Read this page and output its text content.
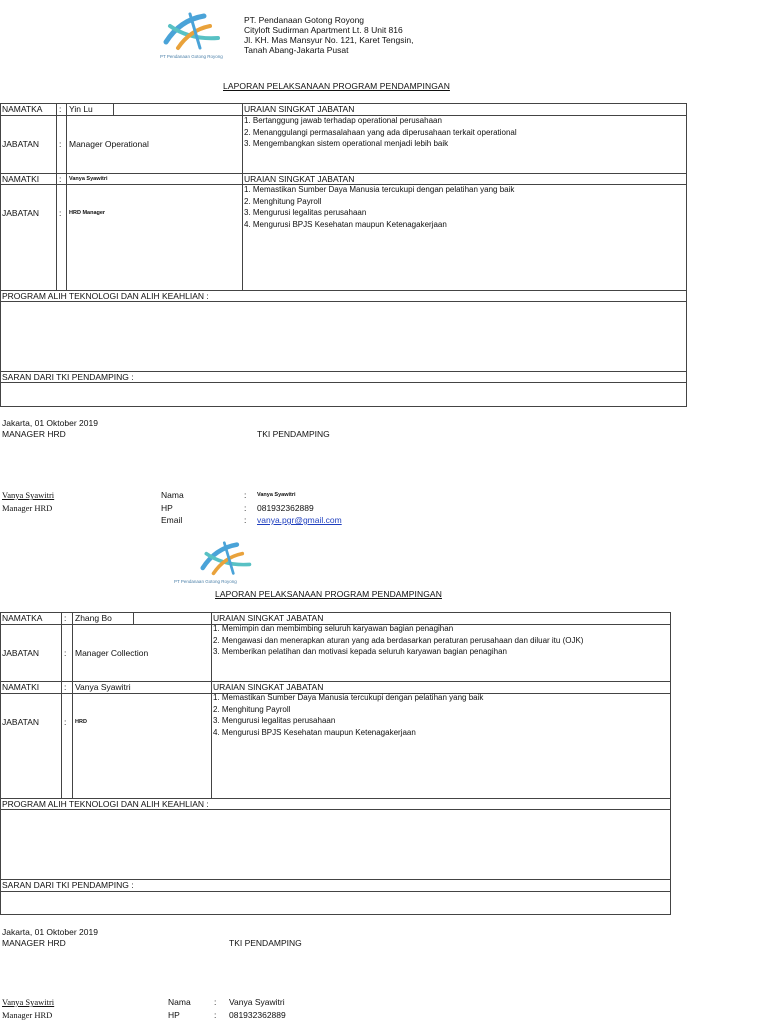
PT Pendanaan Gotong Royong
PT. Pendanaan Gotong Royong
Cityloft Sudirman Apartment Lt. 8 Unit 816
Jl. KH. Mas Mansyur No. 121, Karet Tengsin,
Tanah Abang-Jakarta Pusat
LAPORAN PELAKSANAAN PROGRAM PENDAMPINGAN
NAMATKA : Yin Lu	URAIAN SINGKAT JABATAN
JABATAN : Manager Operational
1. Bertanggung jawab terhadap operational perusahaan
2. Menanggulangi permasalahaan yang ada diperusahaan terkait operational
3. Mengembangkan sistem operational menjadi lebih baik
NAMATKI : Vanya Syawitri	URAIAN SINGKAT JABATAN
JABATAN : HRD Manager
1. Memastikan Sumber Daya Manusia tercukupi dengan pelatihan yang baik
2. Menghitung Payroll
3. Mengurusi legalitas perusahaan
4. Mengurusi BPJS Kesehatan maupun Ketenagakerjaan
PROGRAM ALIH TEKNOLOGI DAN ALIH KEAHLIAN :
SARAN DARI TKI PENDAMPING :
Jakarta, 01 Oktober 2019
MANAGER HRD	TKI PENDAMPING
Vanya Syawitri
Manager HRD
Nama	: Vanya Syawitri
HP	: 081932362889
Email	: vanya.pgr@gmail.com
PT Pendanaan Gotong Royong
LAPORAN PELAKSANAAN PROGRAM PENDAMPINGAN
NAMATKA	: Zhang Bo	URAIAN SINGKAT JABATAN
JABATAN	: Manager Collection
1. Memimpin dan membimbing seluruh karyawan bagian penagihan
2. Mengawasi dan menerapkan aturan yang ada berdasarkan peraturan perusahaan dan diluar itu (OJK)
3. Memberikan pelatihan dan motivasi kepada seluruh karyawan bagian penagihan
NAMATKI	: Vanya Syawitri	URAIAN SINGKAT JABATAN
JABATAN	: HRD
1. Memastikan Sumber Daya Manusia tercukupi dengan pelatihan yang baik
2. Menghitung Payroll
3. Mengurusi legalitas perusahaan
4. Mengurusi BPJS Kesehatan maupun Ketenagakerjaan
PROGRAM ALIH TEKNOLOGI DAN ALIH KEAHLIAN :
SARAN DARI TKI PENDAMPING :
Jakarta, 01 Oktober 2019
MANAGER HRD	TKI PENDAMPING
Vanya Syawitri
Manager HRD
Nama	: Vanya Syawitri
HP	: 081932362889
